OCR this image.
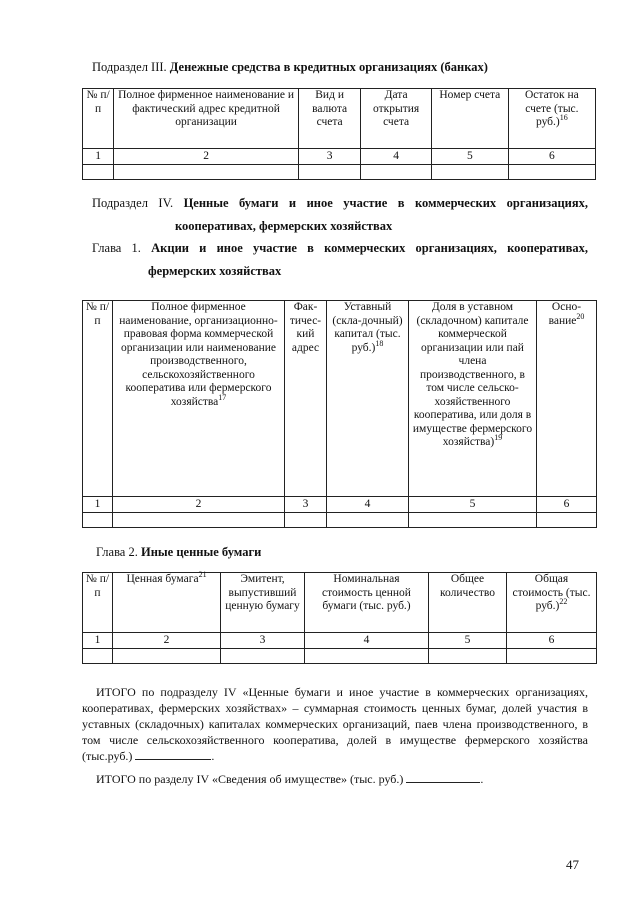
Подраздел III. Денежные средства в кредитных организациях (банках)
№ п/п	Полное фирменное наименование и фактический адрес кредитной организации	Вид и валюта счета	Дата открытия счета	Номер счета	Остаток на счете (тыс. руб.)$^{16}$
1	2	3	4	5	6

Подраздел IV. Ценные бумаги и иное участие в коммерческих организациях,
кооперативах, фермерских хозяйствах
Глава 1. Акции и иное участие в коммерческих организациях, кооперативах,
фермерских хозяйствах
№ п/п	Полное фирменное наименование, организационно-правовая форма коммерческой организации или наименование производственного, сельскохозяйственного кооператива или фермерского хозяйства$^{17}$	Фак-тичес-кий адрес	Уставный (скла-дочный) капитал (тыс. руб.)$^{18}$	Доля в уставном (складочном) капитале коммерческой организации или пай члена производственного, в том числе сельско-хозяйственного кооператива, или доля в имуществе фермерского хозяйства)$^{19}$	Осно-вание$^{20}$
1	2	3	4	5	6

Глава 2. Иные ценные бумаги
№ п/п	Ценная бумага$^{21}$	Эмитент, выпустивший ценную бумагу	Номинальная стоимость ценной бумаги (тыс. руб.)	Общее количество	Общая стоимость (тыс. руб.)$^{22}$
1	2	3	4	5	6

ИТОГО по подразделу IV «Ценные бумаги и иное участие в коммерческих организациях, кооперативах, фермерских хозяйствах» – суммарная стоимость ценных бумаг, долей участия в уставных (складочных) капиталах коммерческих организаций, паев члена производственного, в том числе сельскохозяйственного кооператива, долей в имуществе фермерского хозяйства (тыс.руб.)	.
ИТОГО по разделу IV «Сведения об имуществе» (тыс. руб.)	.
47
